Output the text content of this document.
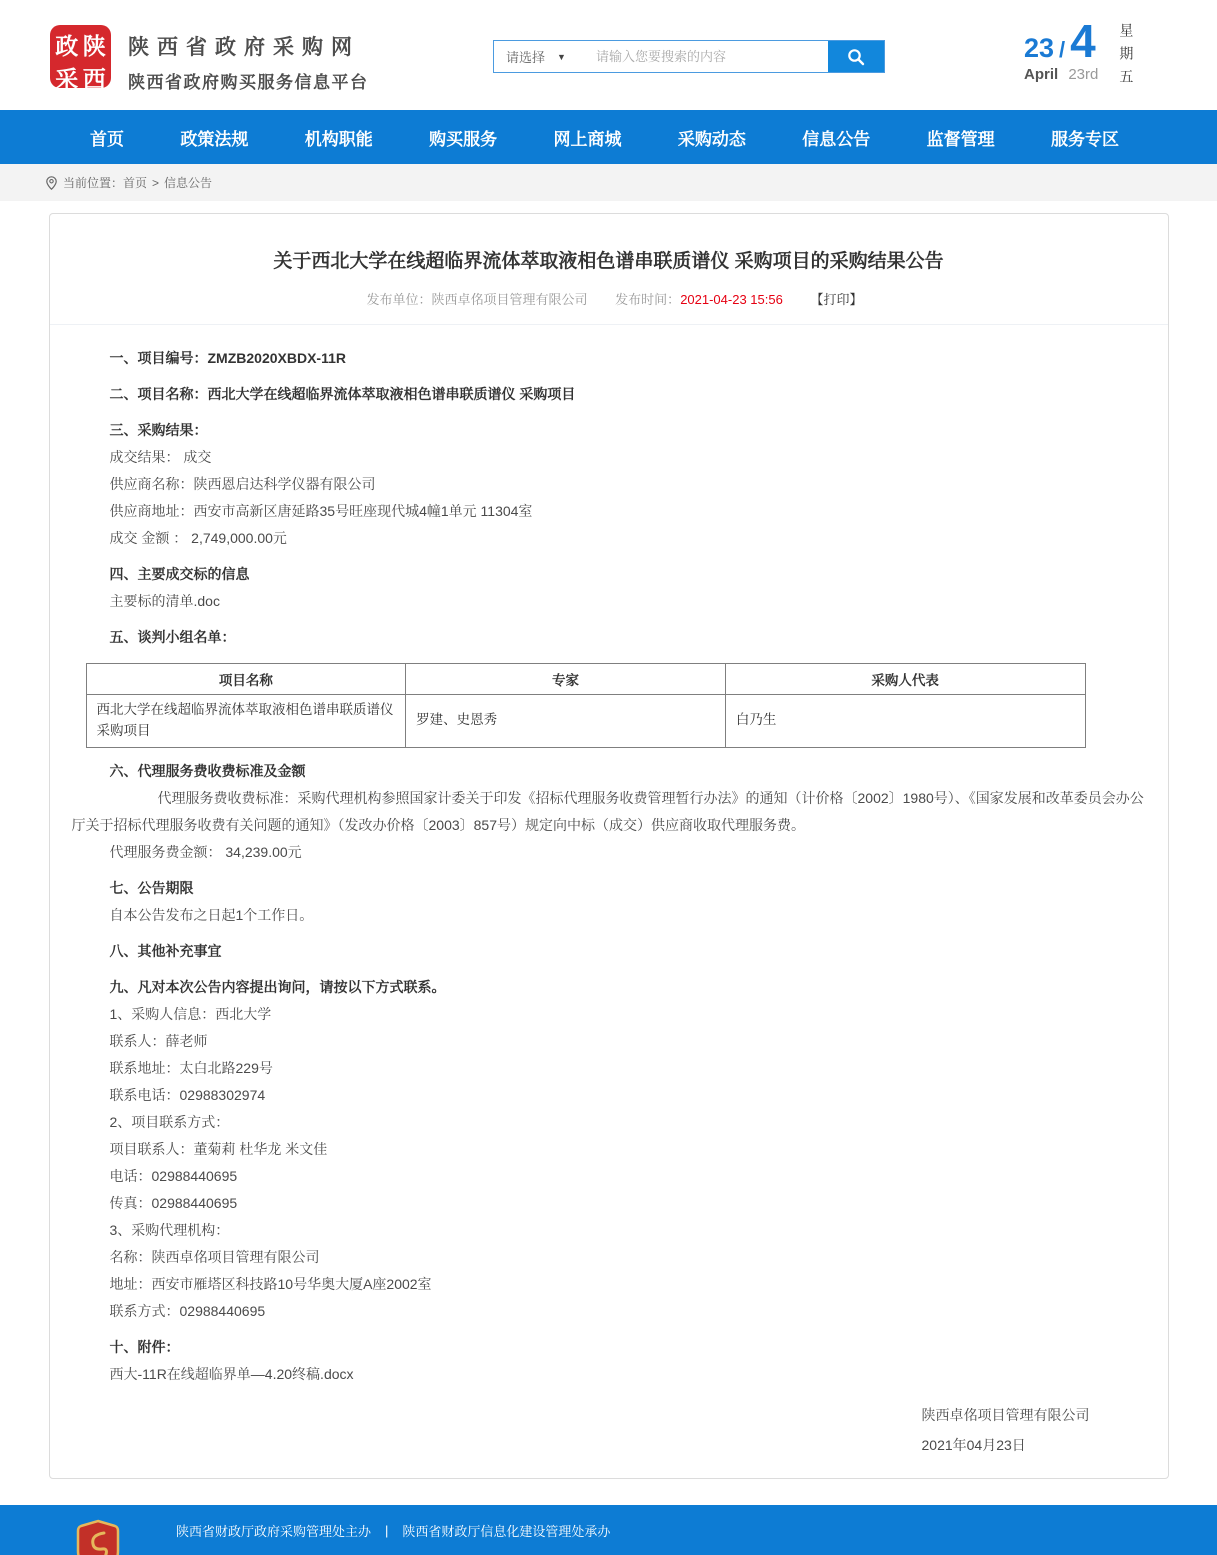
政 陕
采 西
陕西省政府采购网
陕西省政府购买服务信息平台
请选择 ▼
请输入您要搜索的内容	23 / 4
April 23rd 星期五
首页	政策法规	机构职能	购买服务	网上商城	采购动态	信息公告	监督管理	服务专区
当前位置： 首页 > 信息公告
关于西北大学在线超临界流体萃取液相色谱串联质谱仪 采购项目的采购结果公告
发布单位：陕西卓佲项目管理有限公司 发布时间：2021-04-23 15:56 【打印】

一、项目编号：ZMZB2020XBDX-11R

二、项目名称：西北大学在线超临界流体萃取液相色谱串联质谱仪 采购项目

三、采购结果：

成交结果： 成交

供应商名称：陕西恩启达科学仪器有限公司

供应商地址：西安市高新区唐延路35号旺座现代城4幢1单元 11304室

成交 金额 ： 2,749,000.00元

四、主要成交标的信息

主要标的清单.doc

五、谈判小组名单：

项目名称	专家	采购人代表
西北大学在线超临界流体萃取液相色谱串联质谱仪 采购项目	罗建、史恩秀	白乃生

六、代理服务费收费标准及金额

代理服务费收费标准：采购代理机构参照国家计委关于印发《招标代理服务收费管理暂行办法》的通知（计价格〔2002〕1980号）、《国家发展和改革委员会办公厅关于招标代理服务收费有关问题的通知》（发改办价格〔2003〕857号）规定向中标（成交）供应商收取代理服务费。

代理服务费金额： 34,239.00元

七、公告期限

自本公告发布之日起1个工作日。

八、其他补充事宜

九、凡对本次公告内容提出询问，请按以下方式联系。

1、采购人信息：西北大学

联系人：薛老师

联系地址：太白北路229号

联系电话：02988302974

2、项目联系方式：

项目联系人：董菊莉 杜华龙 米文佳

电话：02988440695

传真：02988440695

3、采购代理机构：

名称：陕西卓佲项目管理有限公司

地址：西安市雁塔区科技路10号华奥大厦A座2002室

联系方式：02988440695

十、附件：

西大-11R在线超临界单—4.20终稿.docx

陕西卓佲项目管理有限公司
2021年04月23日
陕西省财政厅政府采购管理处主办 | 陕西省财政厅信息化建设管理处承办
